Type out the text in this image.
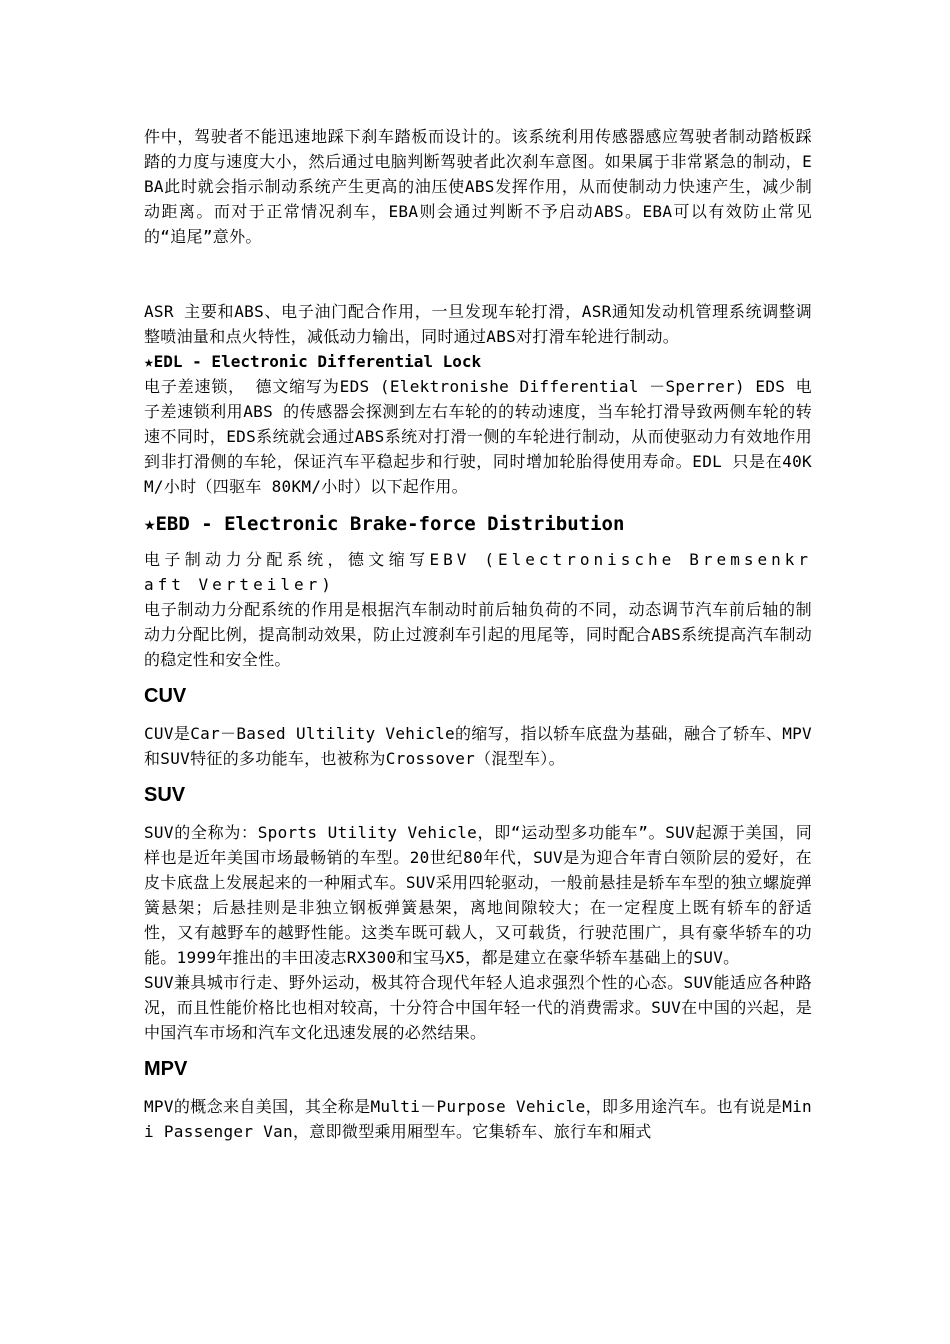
件中，驾驶者不能迅速地踩下刹车踏板而设计的。该系统利用传感器感应驾驶者制动踏板踩踏的力度与速度大小，然后通过电脑判断驾驶者此次刹车意图。如果属于非常紧急的制动，EBA此时就会指示制动系统产生更高的油压使ABS发挥作用，从而使制动力快速产生，减少制动距离。而对于正常情况刹车，EBA则会通过判断不予启动ABS。EBA可以有效防止常见的“追尾”意外。

ASR 主要和ABS、电子油门配合作用，一旦发现车轮打滑，ASR通知发动机管理系统调整调整喷油量和点火特性，减低动力输出，同时通过ABS对打滑车轮进行制动。

★EDL - Electronic Differential Lock

电子差速锁， 德文缩写为EDS (Elektronishe Differential －Sperrer) EDS 电子差速锁利用ABS 的传感器会探测到左右车轮的的转动速度，当车轮打滑导致两侧车轮的转速不同时，EDS系统就会通过ABS系统对打滑一侧的车轮进行制动，从而使驱动力有效地作用到非打滑侧的车轮，保证汽车平稳起步和行驶，同时增加轮胎得使用寿命。EDL 只是在40KM/小时（四驱车 80KM/小时）以下起作用。

★EBD - Electronic Brake-force Distribution

电子制动力分配系统，德文缩写EBV (Electronische Bremsenkraft Verteiler)

电子制动力分配系统的作用是根据汽车制动时前后轴负荷的不同，动态调节汽车前后轴的制动力分配比例，提高制动效果，防止过渡刹车引起的甩尾等，同时配合ABS系统提高汽车制动的稳定性和安全性。

CUV

CUV是Car－Based Ultility Vehicle的缩写，指以轿车底盘为基础，融合了轿车、MPV和SUV特征的多功能车，也被称为Crossover（混型车）。

SUV

SUV的全称为：Sports Utility Vehicle，即“运动型多功能车”。SUV起源于美国，同样也是近年美国市场最畅销的车型。20世纪80年代，SUV是为迎合年青白领阶层的爱好，在皮卡底盘上发展起来的一种厢式车。SUV采用四轮驱动，一般前悬挂是轿车车型的独立螺旋弹簧悬架；后悬挂则是非独立钢板弹簧悬架，离地间隙较大；在一定程度上既有轿车的舒适性，又有越野车的越野性能。这类车既可载人，又可载货，行驶范围广，具有豪华轿车的功能。1999年推出的丰田凌志RX300和宝马X5，都是建立在豪华轿车基础上的SUV。

SUV兼具城市行走、野外运动，极其符合现代年轻人追求强烈个性的心态。SUV能适应各种路况，而且性能价格比也相对较高，十分符合中国年轻一代的消费需求。SUV在中国的兴起，是中国汽车市场和汽车文化迅速发展的必然结果。

MPV

MPV的概念来自美国，其全称是Multi－Purpose Vehicle，即多用途汽车。也有说是Mini Passenger Van，意即微型乘用厢型车。它集轿车、旅行车和厢式
